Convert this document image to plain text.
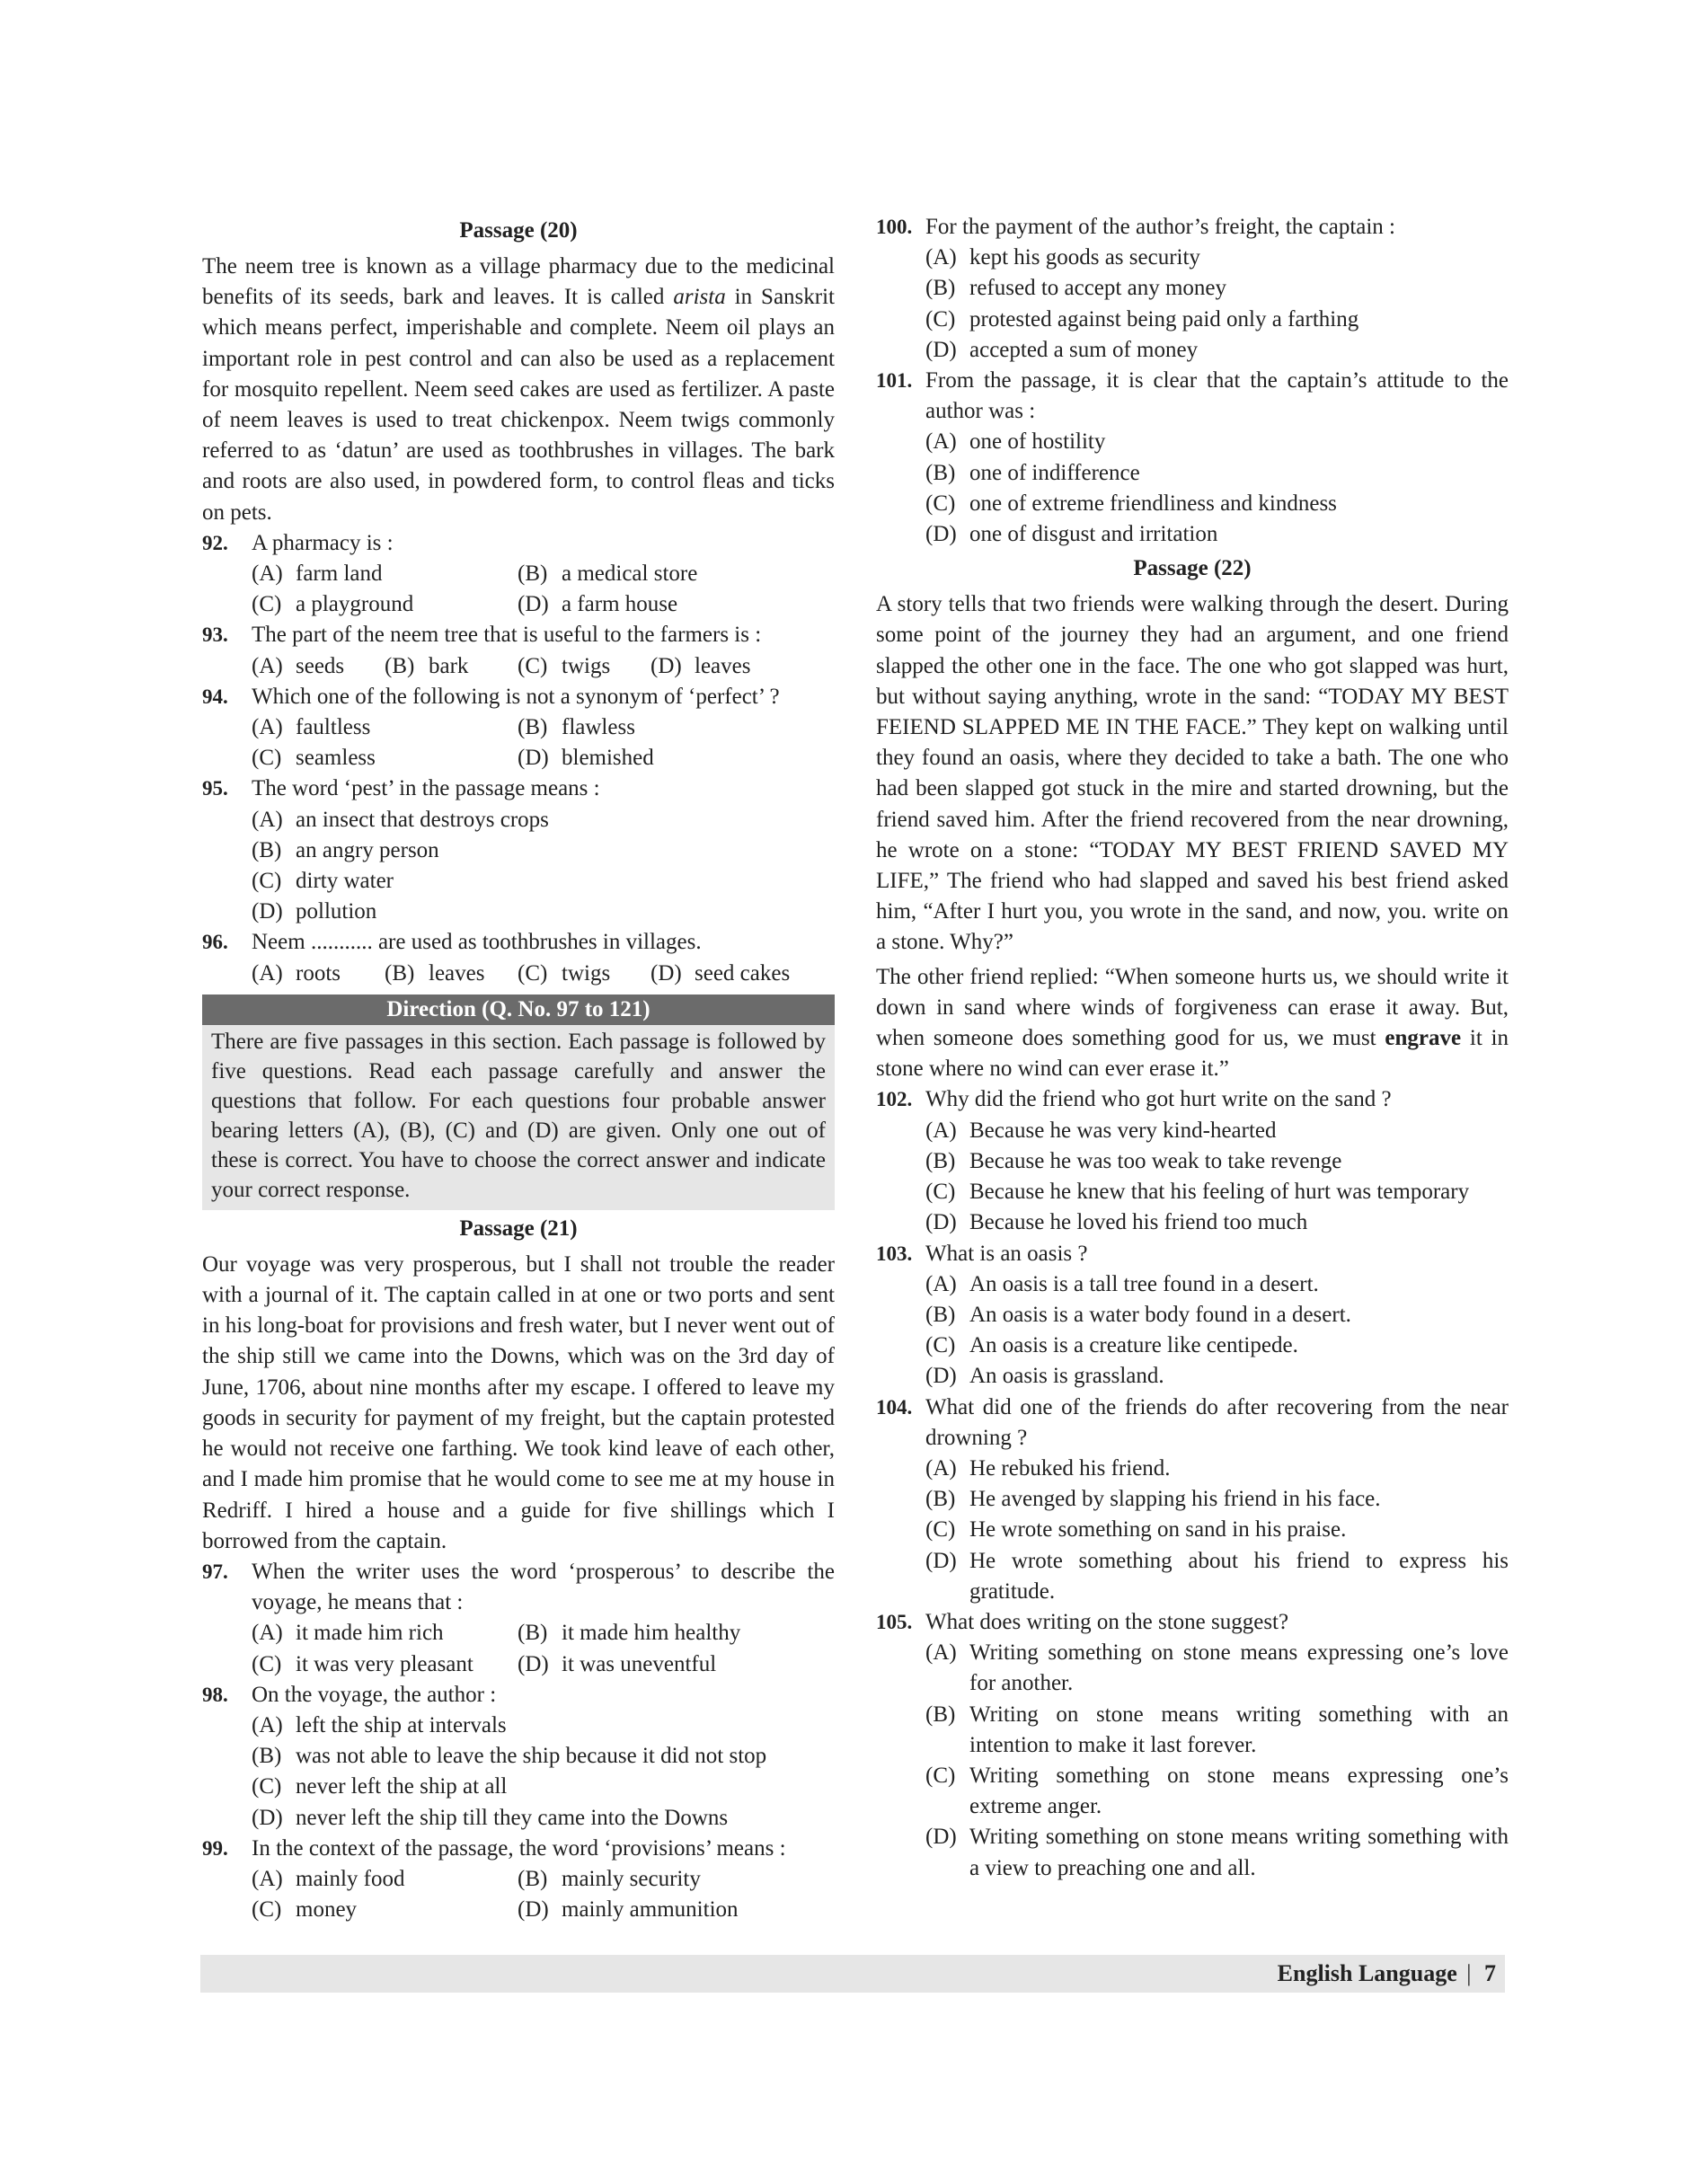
Passage (20)

The neem tree is known as a village pharmacy due to the medicinal benefits of its seeds, bark and leaves. It is called arista in Sanskrit which means perfect, imperishable and complete. Neem oil plays an important role in pest control and can also be used as a replacement for mosquito repellent. Neem seed cakes are used as fertilizer. A paste of neem leaves is used to treat chickenpox. Neem twigs commonly referred to as ‘datun’ are used as toothbrushes in villages. The bark and roots are also used, in powdered form, to control fleas and ticks on pets.

92.	A pharmacy is :
(A) farm land	(B) a medical store
(C) a playground	(D) a farm house
93.	The part of the neem tree that is useful to the farmers is :
(A) seeds (B) bark (C) twigs (D) leaves
94.	Which one of the following is not a synonym of ‘perfect’ ?
(A) faultless	(B) flawless
(C) seamless	(D) blemished
95.	The word ‘pest’ in the passage means :
(A) an insect that destroys crops
(B) an angry person
(C) dirty water
(D) pollution
96.	Neem ........... are used as toothbrushes in villages.
(A) roots (B) leaves (C) twigs (D) seed cakes
Direction (Q. No. 97 to 121)
There are five passages in this section. Each passage is followed by five questions. Read each passage carefully and answer the questions that follow. For each questions four probable answer bearing letters (A), (B), (C) and (D) are given. Only one out of these is correct. You have to choose the correct answer and indicate your correct response.
Passage (21)

Our voyage was very prosperous, but I shall not trouble the reader with a journal of it. The captain called in at one or two ports and sent in his long-boat for provisions and fresh water, but I never went out of the ship still we came into the Downs, which was on the 3rd day of June, 1706, about nine months after my escape. I offered to leave my goods in security for payment of my freight, but the captain protested he would not receive one farthing. We took kind leave of each other, and I made him promise that he would come to see me at my house in Redriff. I hired a house and a guide for five shillings which I borrowed from the captain.

97.	When the writer uses the word ‘prosperous’ to describe the voyage, he means that :
(A) it made him rich	(B) it made him healthy
(C) it was very pleasant (D) it was uneventful
98.	On the voyage, the author :
(A) left the ship at intervals
(B) was not able to leave the ship because it did not stop
(C) never left the ship at all
(D) never left the ship till they came into the Downs
99.	In the context of the passage, the word ‘provisions’ means :
(A) mainly food	(B) mainly security
(C) money	(D) mainly ammunition
100. For the payment of the author’s freight, the captain :
(A) kept his goods as security
(B) refused to accept any money
(C) protested against being paid only a farthing
(D) accepted a sum of money
101. From the passage, it is clear that the captain’s attitude to the author was :
(A) one of hostility
(B) one of indifference
(C) one of extreme friendliness and kindness
(D) one of disgust and irritation
Passage (22)

A story tells that two friends were walking through the desert. During some point of the journey they had an argument, and one friend slapped the other one in the face. The one who got slapped was hurt, but without saying anything, wrote in the sand: “TODAY MY BEST FEIEND SLAPPED ME IN THE FACE.” They kept on walking until they found an oasis, where they decided to take a bath. The one who had been slapped got stuck in the mire and started drowning, but the friend saved him. After the friend recovered from the near drowning, he wrote on a stone: “TODAY MY BEST FRIEND SAVED MY LIFE,” The friend who had slapped and saved his best friend asked him, “After I hurt you, you wrote in the sand, and now, you. write on a stone. Why?”

The other friend replied: “When someone hurts us, we should write it down in sand where winds of forgiveness can erase it away. But, when someone does something good for us, we must engrave it in stone where no wind can ever erase it.”

102. Why did the friend who got hurt write on the sand ?
(A) Because he was very kind-hearted
(B) Because he was too weak to take revenge
(C) Because he knew that his feeling of hurt was temporary
(D) Because he loved his friend too much
103. What is an oasis ?
(A) An oasis is a tall tree found in a desert.
(B) An oasis is a water body found in a desert.
(C) An oasis is a creature like centipede.
(D) An oasis is grassland.
104. What did one of the friends do after recovering from the near drowning ?
(A) He rebuked his friend.
(B) He avenged by slapping his friend in his face.
(C) He wrote something on sand in his praise.
(D) He wrote something about his friend to express his gratitude.
105. What does writing on the stone suggest?
(A) Writing something on stone means expressing one’s love for another.
(B) Writing on stone means writing something with an intention to make it last forever.
(C) Writing something on stone means expressing one’s extreme anger.
(D) Writing something on stone means writing something with a view to preaching one and all.
English Language | 7
